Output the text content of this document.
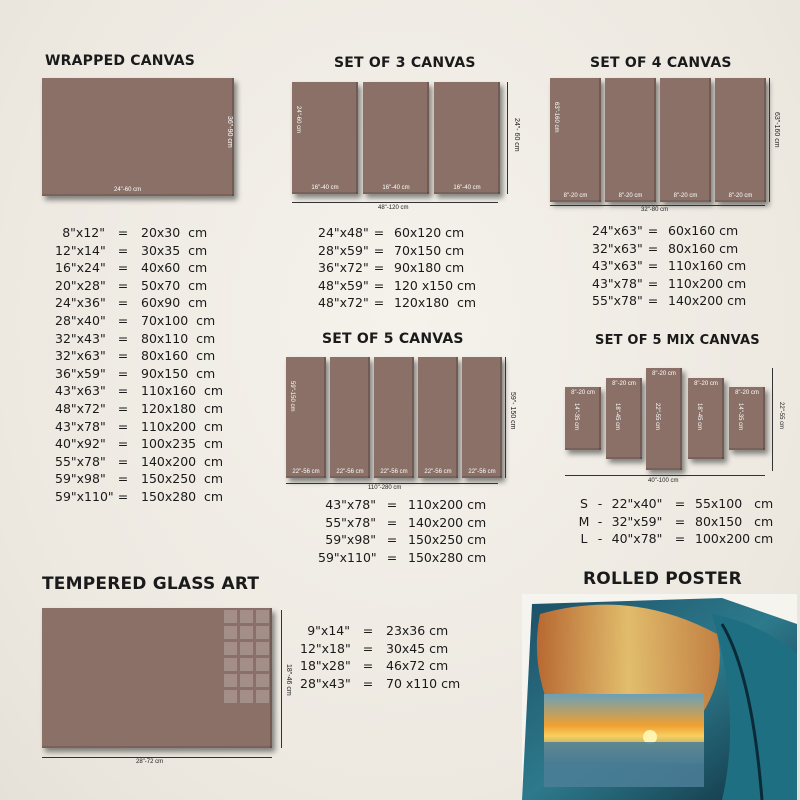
WRAPPED CANVAS
24"-60 cm
36"-90 cm
8"x12" = 20x30  cm
12"x14" = 30x35  cm
16"x24" = 40x60  cm
20"x28" = 50x70  cm
24"x36" = 60x90  cm
28"x40" = 70x100  cm
32"x43" = 80x110  cm
32"x63" = 80x160  cm
36"x59" = 90x150  cm
43"x63" = 110x160  cm
48"x72" = 120x180  cm
43"x78" = 110x200  cm
40"x92" = 100x235  cm
55"x78" = 140x200  cm
59"x98" = 150x250  cm
59"x110" = 150x280  cm
SET OF 3 CANVAS
16"-40 cm
24"-60 cm
16"-40 cm	16"-40 cm
48"-120 cm
24"- 60 cm
24"x48" = 60x120 cm
28"x59" = 70x150 cm
36"x72" = 90x180 cm
48"x59" = 120 x150 cm
48"x72" = 120x180  cm
SET OF 4 CANVAS
8"-20 cm
63"-160 cm
8"-20 cm	8"-20 cm	8"-20 cm
32"-80 cm
63"-160 cm
24"x63" = 60x160 cm
32"x63" = 80x160 cm
43"x63" = 110x160 cm
43"x78" = 110x200 cm
55"x78" = 140x200 cm
SET OF 5 CANVAS
22"-56 cm
59"-150 cm
22"-56 cm	22"-56 cm	22"-56 cm	22"-56 cm
110"-280 cm
59"- 150 cm
43"x78" = 110x200 cm
55"x78" = 140x200 cm
59"x98" = 150x250 cm
59"x110" = 150x280 cm
SET OF 5 MIX CANVAS
8"-20 cm
14"-35 cm
8"-20 cm
18"-45 cm
8"-20 cm
22"-55 cm
8"-20 cm
18"-45 cm
8"-20 cm
14"-35 cm
40"-100 cm
22"-55 cm
S - 22"x40" = 55x100   cm
M - 32"x59" = 80x150   cm
L - 40"x78" = 100x200 cm
TEMPERED GLASS ART
28"-72 cm
18"-46 cm
9"x14" = 23x36 cm
12"x18" = 30x45 cm
18"x28" = 46x72 cm
28"x43" = 70 x110 cm
ROLLED POSTER
